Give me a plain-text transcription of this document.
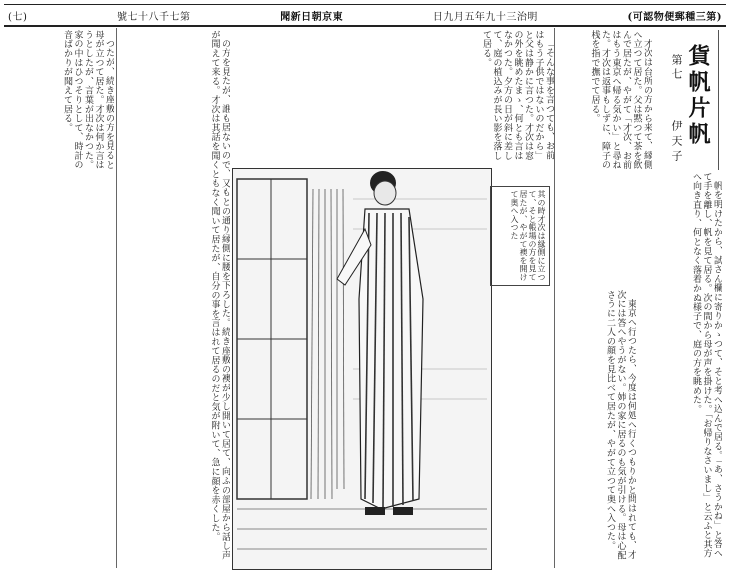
(可認物便郵種三第)
日九月五年九十三治明
聞新日朝京東
號七十八千七第
(七)
貨帆片帆
第七
伊天子

才次は台所の方から来て、縁側へ立つて居た。父は黙つて茶を飲んで居たが、やがて「才次、お前はもう東京へ帰る気かい」と尋ねた。才次は返事もしずに、障子の桟を指で撫でて居る。

帆を明けたから、試さん欄に寄りかゝつて、そと考へ込んで居る。「あ、さうかね」と答へて手を離し、帆を見て居る。次の間から母が声を掛けた。「お帰りなさいまし」と云ふと其方へ向き直り、何となく落着かぬ様子で、庭の方を眺めた。

東京へ行つたら、今度は何処へ行くつもりかと問はれても、才次には答へやうがない。姉の家に居るのも気が引ける。母は心配さうに二人の顔を見比べて居たが、やがて立つて奥へ入つた。

「そんな事を言つても、お前はもう子供ではないのだから」と父は静かに言つた。才次は窓の外を眺めたまゝ、何とも言はなかつた。夕方の日が斜に差して、庭の植込みが長い影を落して居る。

の方を見たが、誰も居ないので、又もとの通り縁側に腰を下ろした。続き座敷の襖が少し開いて居て、向ふの部屋から話し声が聞えて来る。才次は其話を聞くともなく聞いて居たが、自分の事を言はれて居るのだと気が附いて、急に顔を赤くした。

つたが、続き座敷の方を見ると母が立つて居た。才次は何か言はうとしたが、言葉が出なかつた。家の中はひつそりとして、時計の音ばかりが聞えて居る。

其の時才次は縁側に立つて、そと帳場の方を見て居たが、やがて襖を開けて奥へ入つた
